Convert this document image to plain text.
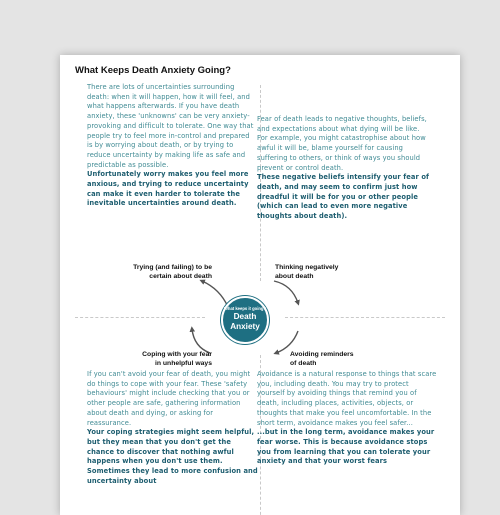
What Keeps Death Anxiety Going?
There are lots of uncertainties surrounding death: when it will happen, how it will feel, and what happens afterwards. If you have death anxiety, these 'unknowns' can be very anxiety-provoking and difficult to tolerate. One way that people try to feel more in-control and prepared is by worrying about death, or by trying to reduce uncertainty by making life as safe and predictable as possible.
Unfortunately worry makes you feel more anxious, and trying to reduce uncertainty can make it even harder to tolerate the inevitable uncertainties around death.
Fear of death leads to negative thoughts, beliefs, and expectations about what dying will be like. For example, you might catastrophise about how awful it will be, blame yourself for causing suffering to others, or think of ways you should prevent or control death.
These negative beliefs intensify your fear of death, and may seem to confirm just how dreadful it will be for you or other people (which can lead to even more negative thoughts about death).
If you can't avoid your fear of death, you might do things to cope with your fear. These 'safety behaviours' might include checking that you or other people are safe, gathering information about death and dying, or asking for reassurance.
Your coping strategies might seem helpful, but they mean that you don't get the chance to discover that nothing awful happens when you don't use them. Sometimes they lead to more confusion and uncertainty about
Avoidance is a natural response to things that scare you, including death. You may try to protect yourself by avoiding things that remind you of death, including places, activities, objects, or thoughts that make you feel uncomfortable. In the short term, avoidance makes you feel safer...
...but in the long term, avoidance makes your fear worse. This is because avoidance stops you from learning that you can tolerate your anxiety and that your worst fears
Trying (and failing) to be
certain about death
Thinking negatively
about death
Coping with your fear
in unhelpful ways
Avoiding reminders
of death
What keeps it going?
Death
Anxiety
